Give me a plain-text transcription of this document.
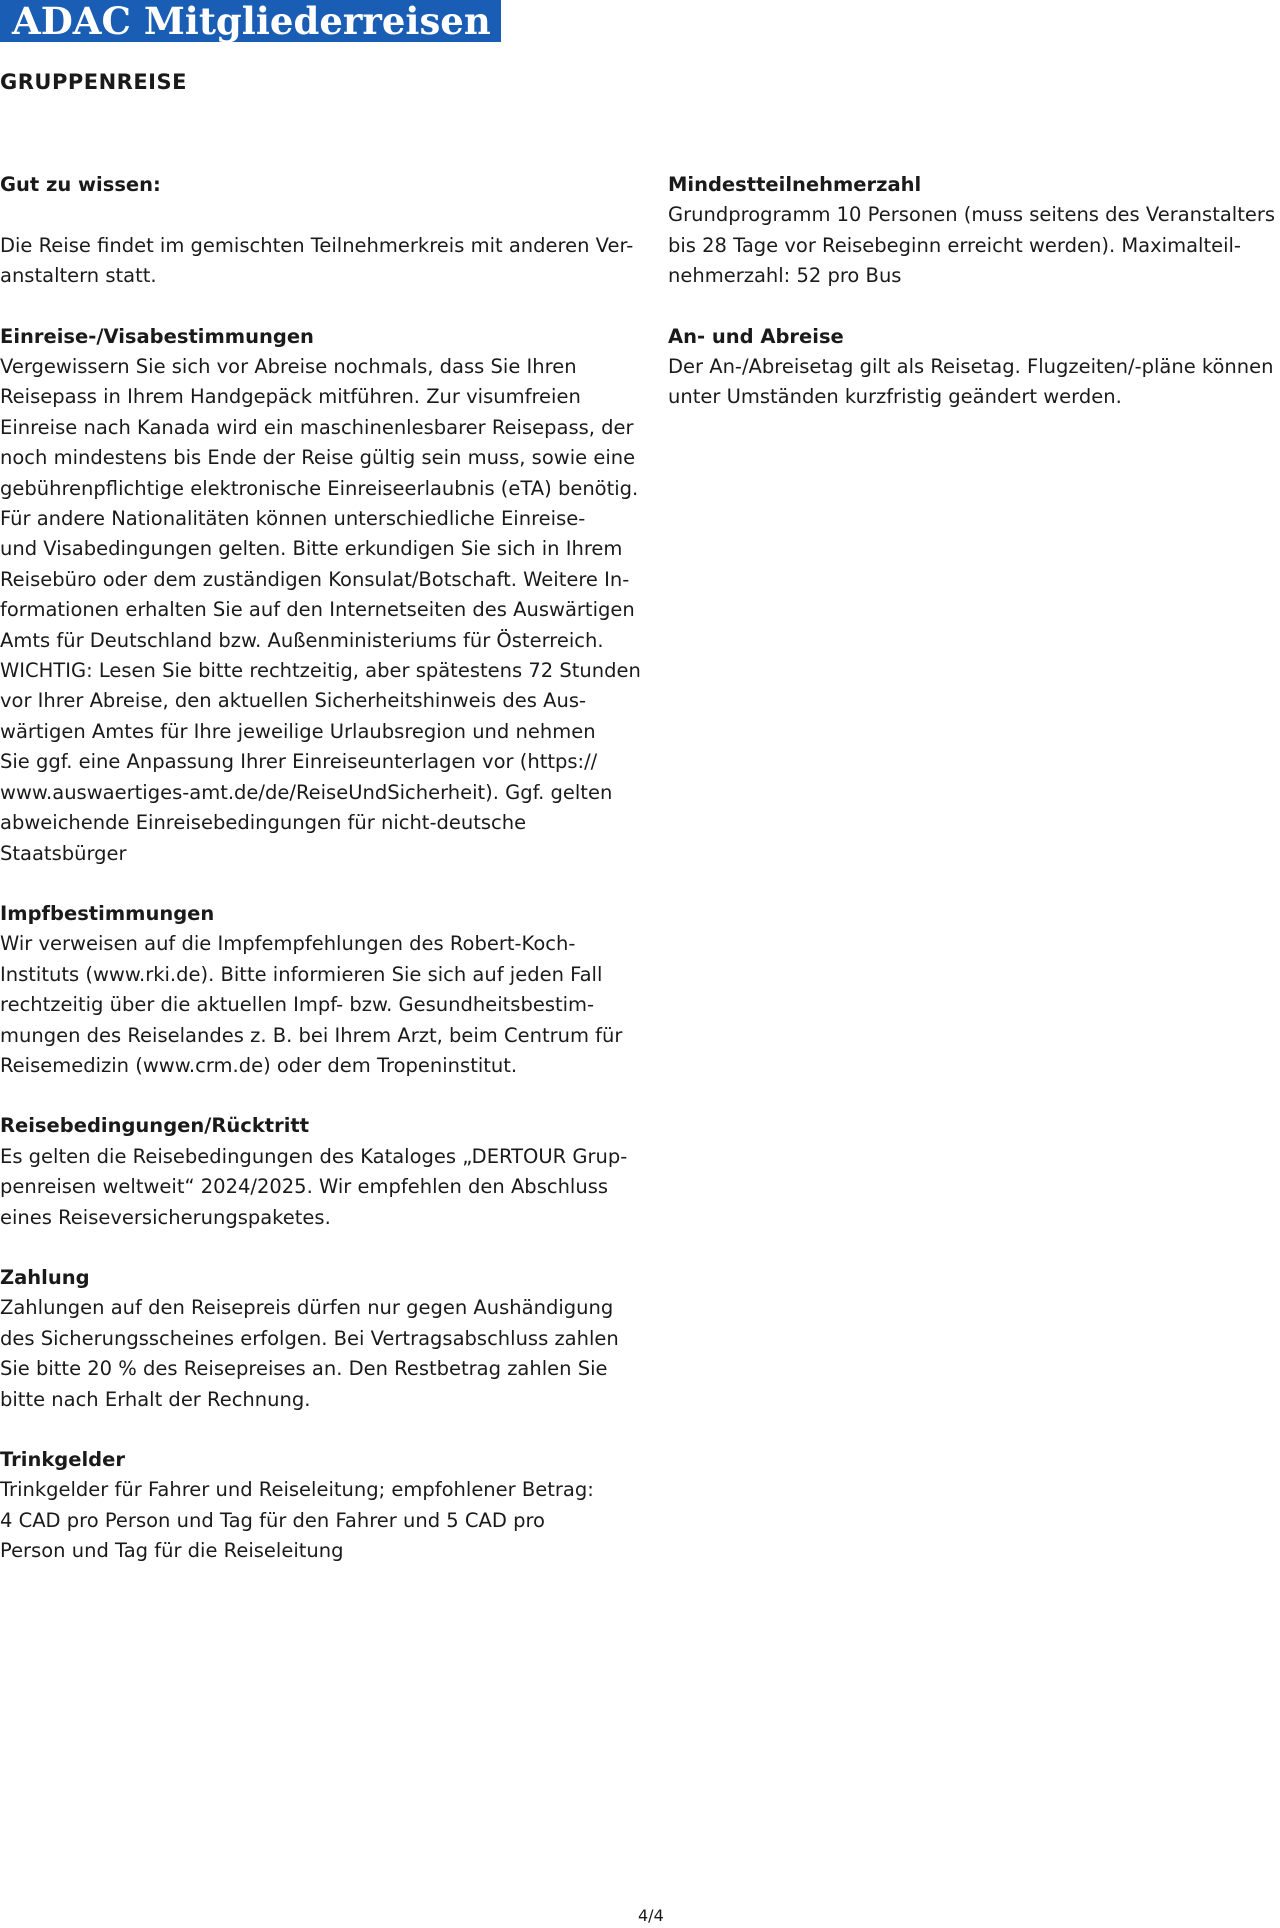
ADAC Mitgliederreisen
GRUPPENREISE
Gut zu wissen:

Die Reise findet im gemischten Teilnehmerkreis mit anderen Ver-
anstaltern statt.

Einreise-/Visabestimmungen

Vergewissern Sie sich vor Abreise nochmals, dass Sie Ihren
Reisepass in Ihrem Handgepäck mitführen. Zur visumfreien
Einreise nach Kanada wird ein maschinenlesbarer Reisepass, der
noch mindestens bis Ende der Reise gültig sein muss, sowie eine
gebührenpflichtige elektronische Einreiseerlaubnis (eTA) benötig.
Für andere Nationalitäten können unterschiedliche Einreise-
und Visabedingungen gelten. Bitte erkundigen Sie sich in Ihrem
Reisebüro oder dem zuständigen Konsulat/Botschaft. Weitere In-
formationen erhalten Sie auf den Internetseiten des Auswärtigen
Amts für Deutschland bzw. Außenministeriums für Österreich.
WICHTIG: Lesen Sie bitte rechtzeitig, aber spätestens 72 Stunden
vor Ihrer Abreise, den aktuellen Sicherheitshinweis des Aus-
wärtigen Amtes für Ihre jeweilige Urlaubsregion und nehmen
Sie ggf. eine Anpassung Ihrer Einreiseunterlagen vor (https://
www.auswaertiges-amt.de/de/ReiseUndSicherheit). Ggf. gelten
abweichende Einreisebedingungen für nicht-deutsche
Staatsbürger

Impfbestimmungen

Wir verweisen auf die Impfempfehlungen des Robert-Koch-
Instituts (www.rki.de). Bitte informieren Sie sich auf jeden Fall
rechtzeitig über die aktuellen Impf- bzw. Gesundheitsbestim-
mungen des Reiselandes z. B. bei Ihrem Arzt, beim Centrum für
Reisemedizin (www.crm.de) oder dem Tropeninstitut.

Reisebedingungen/Rücktritt

Es gelten die Reisebedingungen des Kataloges „DERTOUR Grup-
penreisen weltweit“ 2024/2025. Wir empfehlen den Abschluss
eines Reiseversicherungspaketes.

Zahlung

Zahlungen auf den Reisepreis dürfen nur gegen Aushändigung
des Sicherungsscheines erfolgen. Bei Vertragsabschluss zahlen
Sie bitte 20 % des Reisepreises an. Den Restbetrag zahlen Sie
bitte nach Erhalt der Rechnung.

Trinkgelder

Trinkgelder für Fahrer und Reiseleitung; empfohlener Betrag:
4 CAD pro Person und Tag für den Fahrer und 5 CAD pro
Person und Tag für die Reiseleitung

Mindestteilnehmerzahl

Grundprogramm 10 Personen (muss seitens des Veranstalters
bis 28 Tage vor Reisebeginn erreicht werden). Maximalteil-
nehmerzahl: 52 pro Bus

An- und Abreise

Der An-/Abreisetag gilt als Reisetag. Flugzeiten/-pläne können
unter Umständen kurzfristig geändert werden.

4/4
